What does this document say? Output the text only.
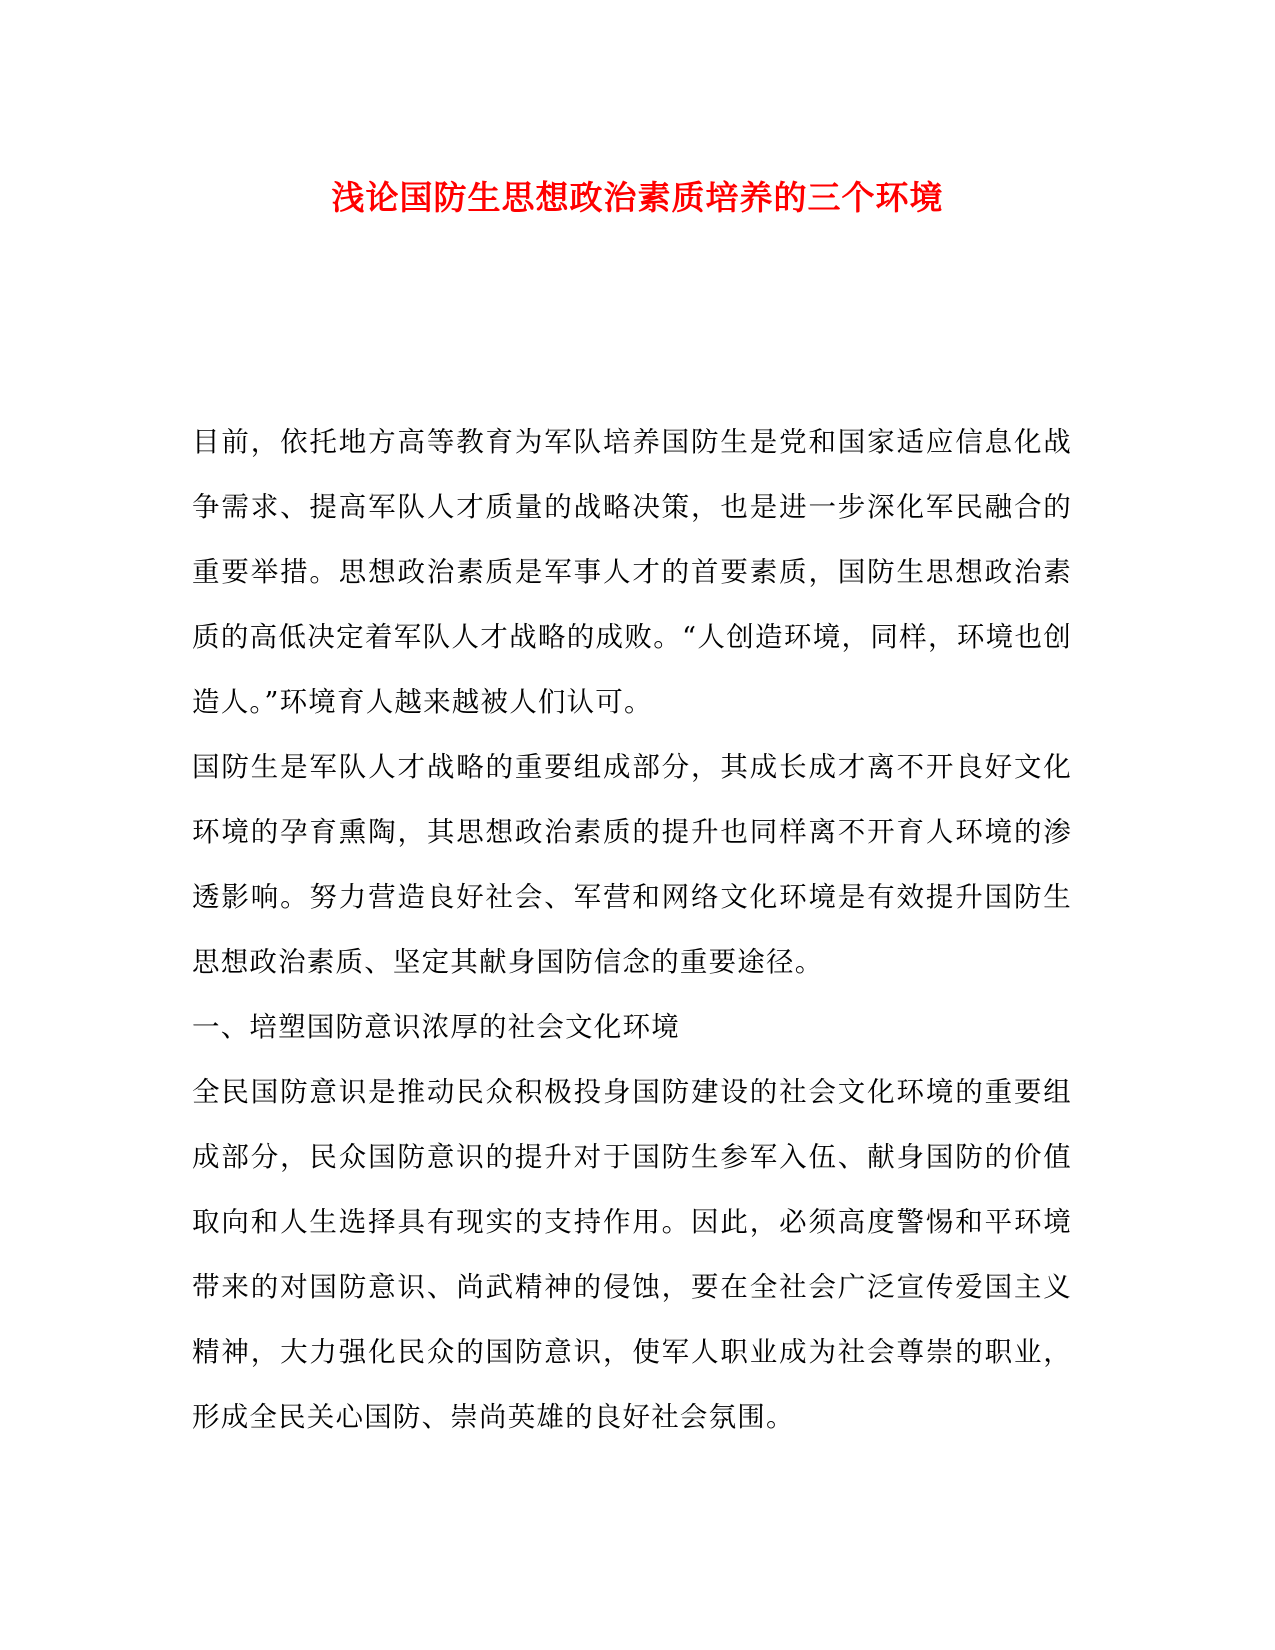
浅论国防生思想政治素质培养的三个环境

目前，依托地方高等教育为军队培养国防生是党和国家适应信息化战争需求、提高军队人才质量的战略决策，也是进一步深化军民融合的重要举措。思想政治素质是军事人才的首要素质，国防生思想政治素质的高低决定着军队人才战略的成败。“人创造环境，同样，环境也创造人。”环境育人越来越被人们认可。

国防生是军队人才战略的重要组成部分，其成长成才离不开良好文化环境的孕育熏陶，其思想政治素质的提升也同样离不开育人环境的渗透影响。努力营造良好社会、军营和网络文化环境是有效提升国防生思想政治素质、坚定其献身国防信念的重要途径。

一、培塑国防意识浓厚的社会文化环境

全民国防意识是推动民众积极投身国防建设的社会文化环境的重要组成部分，民众国防意识的提升对于国防生参军入伍、献身国防的价值取向和人生选择具有现实的支持作用。因此，必须高度警惕和平环境带来的对国防意识、尚武精神的侵蚀，要在全社会广泛宣传爱国主义精神，大力强化民众的国防意识，使军人职业成为社会尊崇的职业，形成全民关心国防、崇尚英雄的良好社会氛围。
